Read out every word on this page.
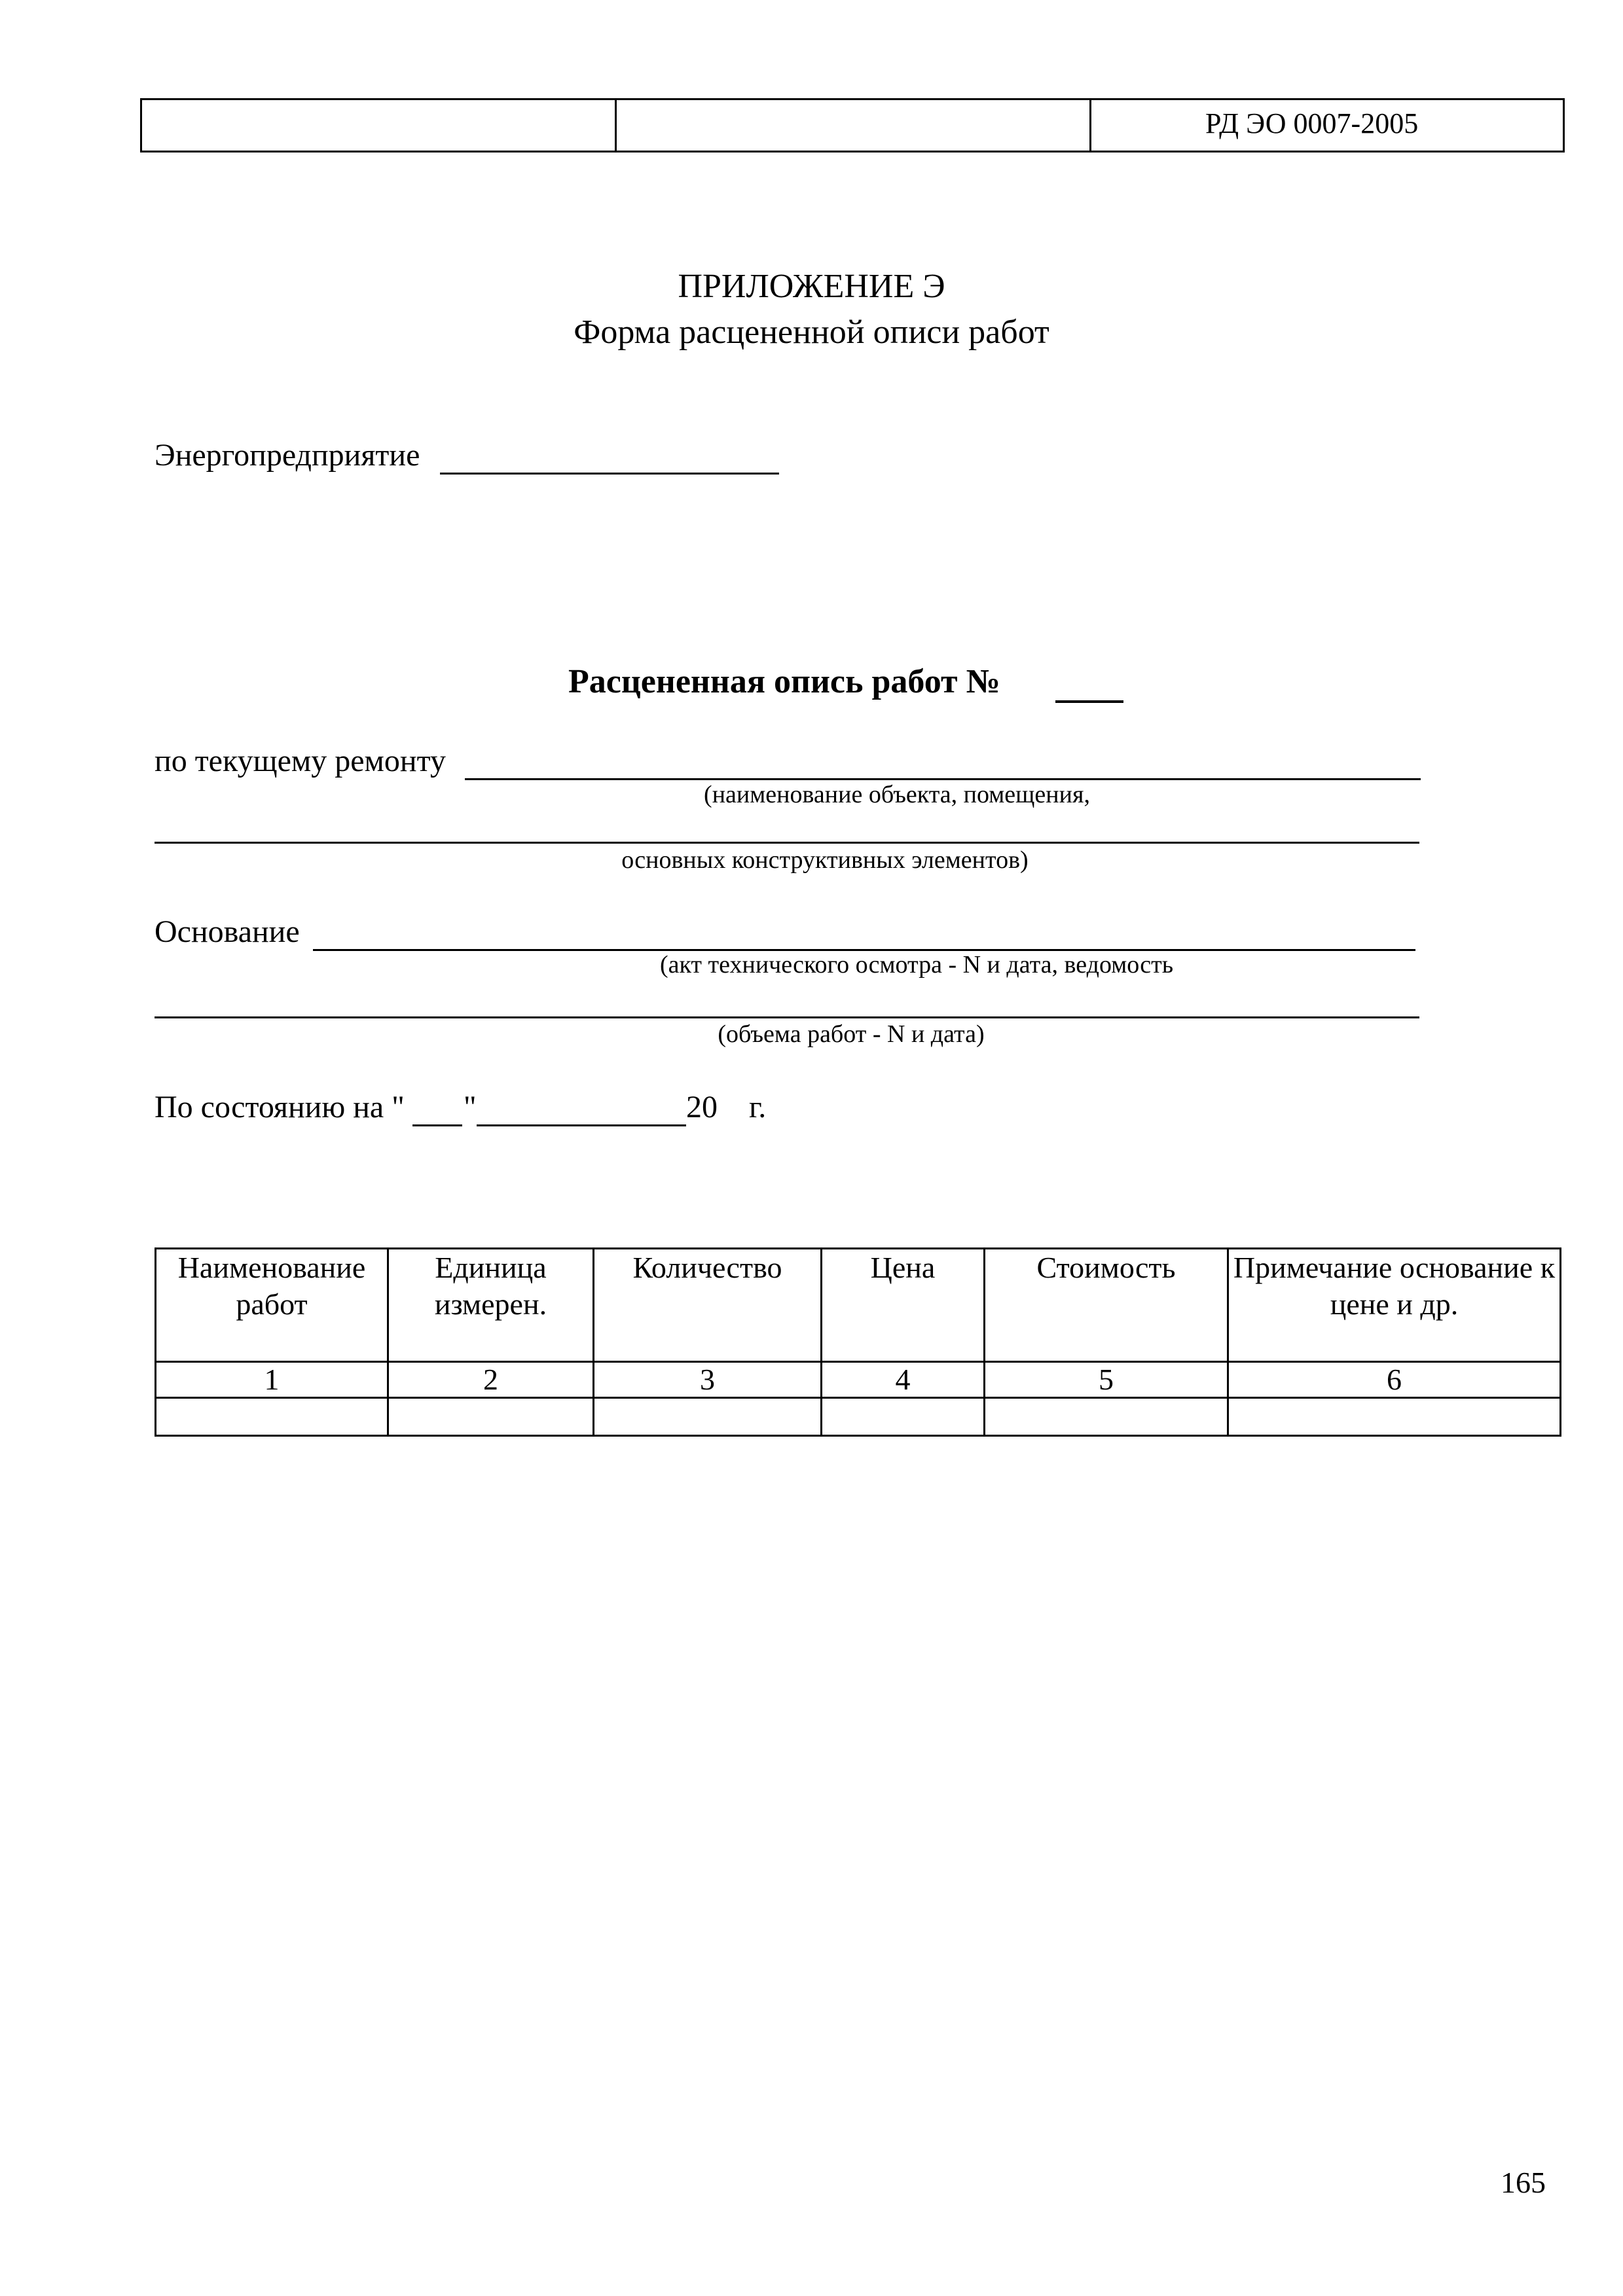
РД ЭО 0007-2005
ПРИЛОЖЕНИЕ Э
Форма расцененной описи работ
Энергопредприятие
Расцененная опись работ №
по текущему ремонту
(наименование объекта, помещения,
основных конструктивных элементов)
Основание
(акт технического осмотра - N и дата, ведомость
(объема работ - N и дата)
По состоянию на " "	20 г.
Наименование работ	Единица измерен.	Количество	Цена	Стоимость	Примечание основание к цене и др.
1	2	3	4	5	6

165
